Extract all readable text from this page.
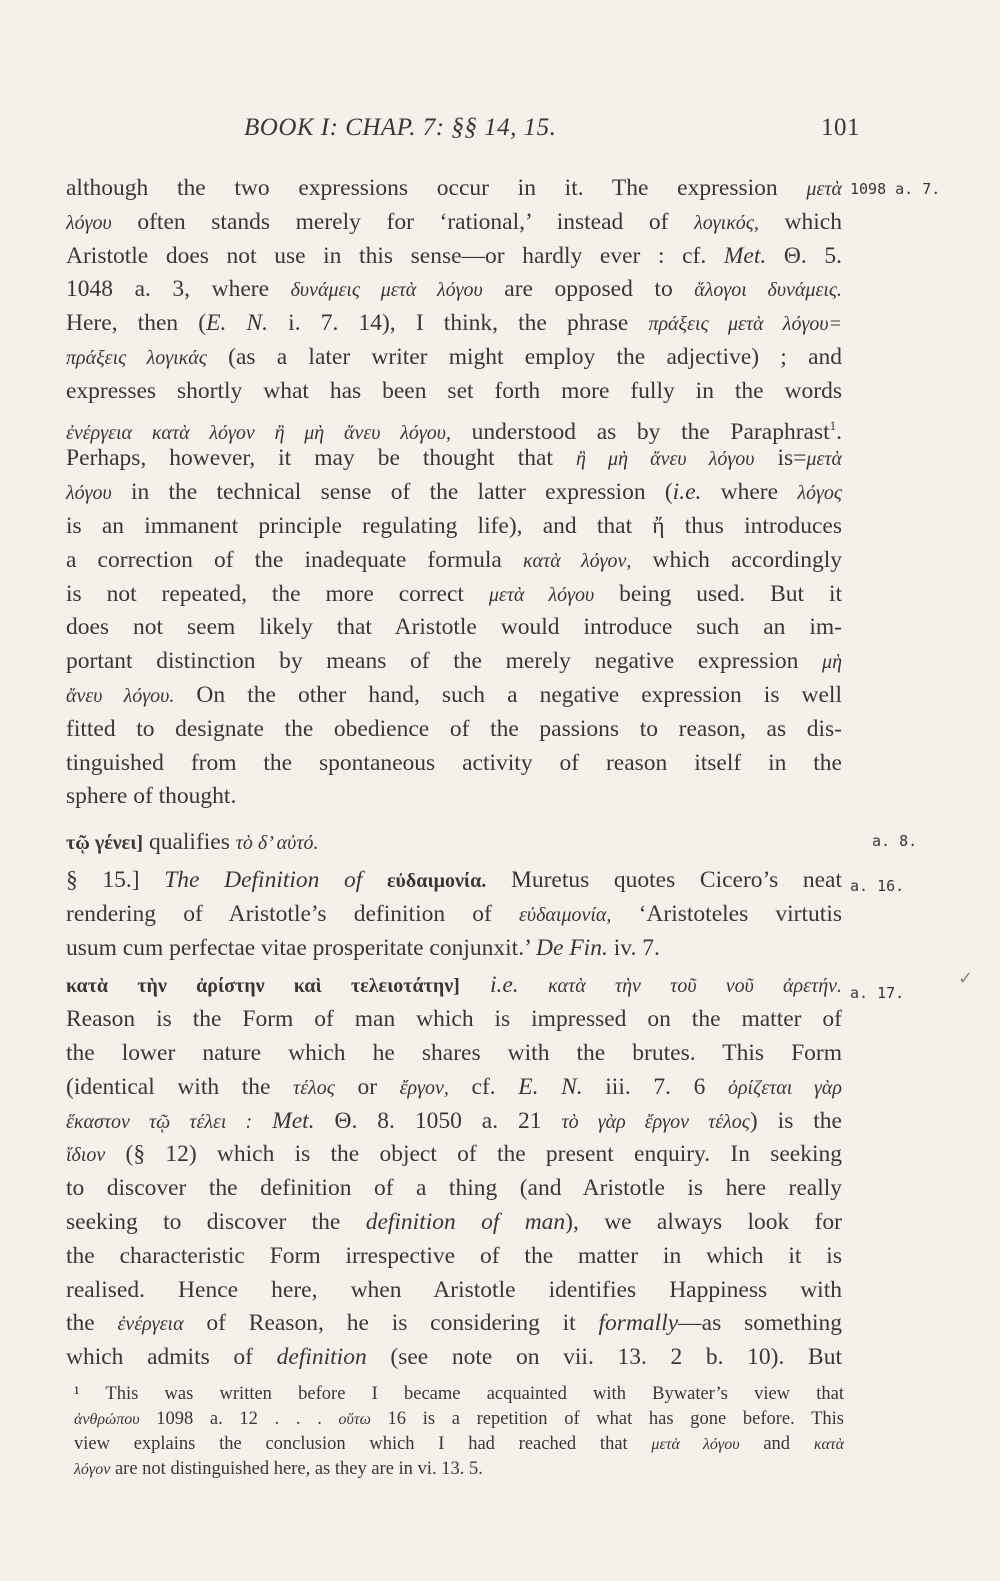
BOOK I: CHAP. 7: §§ 14, 15.	101
1098 a. 7.
a. 8.
a. 16.
a. 17.
although the two expressions occur in it. The expression μετὰ
λόγου often stands merely for ‘rational,’ instead of λογικός, which
Aristotle does not use in this sense—or hardly ever : cf. Met. Θ. 5.
1048 a. 3, where δυνάμεις μετὰ λόγου are opposed to ἄλογοι δυνάμεις.
Here, then (E. N. i. 7. 14), I think, the phrase πράξεις μετὰ λόγου=
πράξεις λογικάς (as a later writer might employ the adjective) ; and
expresses shortly what has been set forth more fully in the words
ἐνέργεια κατὰ λόγον ἢ μὴ ἄνευ λόγου, understood as by the Paraphrast$^1$.
Perhaps, however, it may be thought that ἢ μὴ ἄνευ λόγου is=μετὰ
λόγου in the technical sense of the latter expression (i.e. where λόγος
is an immanent principle regulating life), and that ἤ thus introduces
a correction of the inadequate formula κατὰ λόγον, which accordingly
is not repeated, the more correct μετὰ λόγου being used. But it
does not seem likely that Aristotle would introduce such an im-
portant distinction by means of the merely negative expression μὴ
ἄνευ λόγου. On the other hand, such a negative expression is well
fitted to designate the obedience of the passions to reason, as dis-
tinguished from the spontaneous activity of reason itself in the
sphere of thought.
τῷ γένει] qualifies τὸ δ’ αὐτό.
§ 15.] The Definition of εὐδαιμονία. Muretus quotes Cicero’s neat
rendering of Aristotle’s definition of εὐδαιμονία, ‘Aristoteles virtutis
usum cum perfectae vitae prosperitate conjunxit.’ De Fin. iv. 7.
κατὰ τὴν ἀρίστην καὶ τελειοτάτην] i.e. κατὰ τὴν τοῦ νοῦ ἀρετήν.
Reason is the Form of man which is impressed on the matter of
the lower nature which he shares with the brutes. This Form
(identical with the τέλος or ἔργον, cf. E. N. iii. 7. 6 ὁρίζεται γὰρ
ἕκαστον τῷ τέλει : Met. Θ. 8. 1050 a. 21 τὸ γὰρ ἔργον τέλος) is the
ἴδιον (§ 12) which is the object of the present enquiry. In seeking
to discover the definition of a thing (and Aristotle is here really
seeking to discover the definition of man), we always look for
the characteristic Form irrespective of the matter in which it is
realised. Hence here, when Aristotle identifies Happiness with
the ἐνέργεια of Reason, he is considering it formally—as something
which admits of definition (see note on vii. 13. 2 b. 10). But
¹ This was written before I became acquainted with Bywater’s view that
ἀνθρώπου 1098 a. 12 . . . οὕτω 16 is a repetition of what has gone before. This
view explains the conclusion which I had reached that μετὰ λόγου and κατὰ
λόγον are not distinguished here, as they are in vi. 13. 5.
✓
